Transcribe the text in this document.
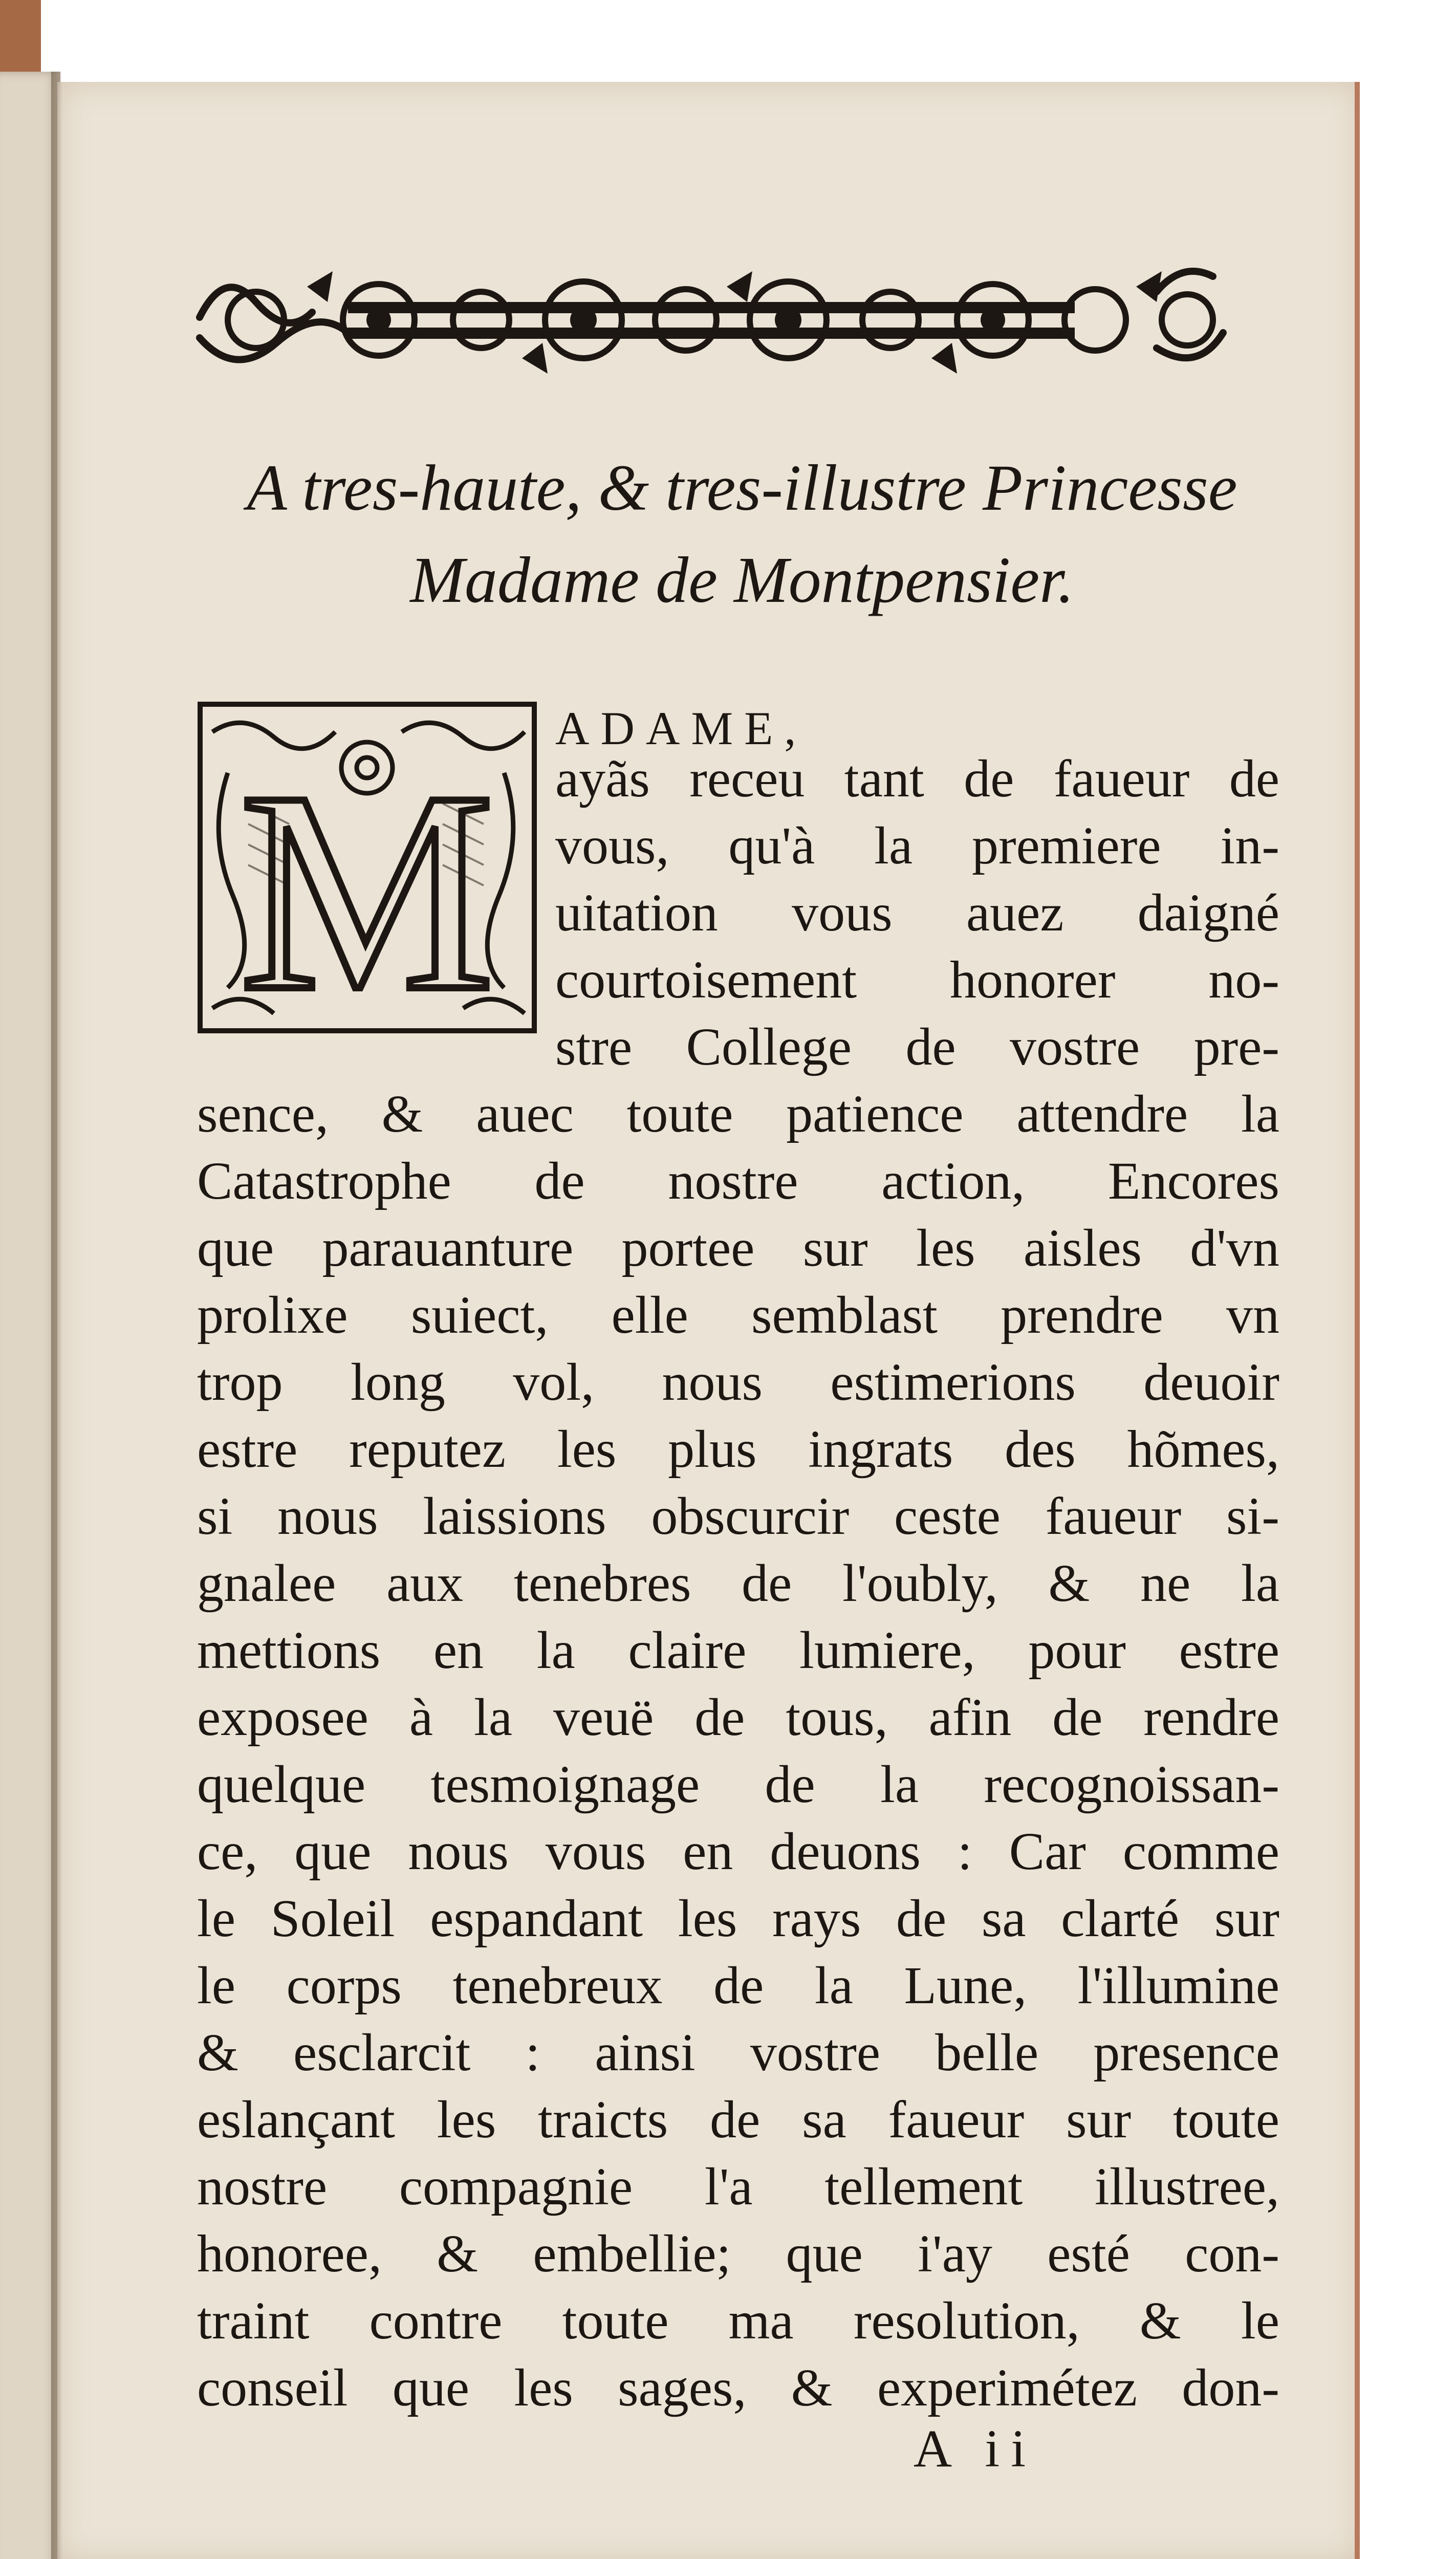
A tres-haute, & tres-illustre Princesse
Madame de Montpensier.
M
ADAME,
ayãs receu tant de faueur de
vous, qu'à la premiere in-
uitation vous auez daigné
courtoisement honorer no-
stre College de vostre pre-
sence, & auec toute patience attendre la
Catastrophe de nostre action, Encores
que parauanture portee sur les aisles d'vn
prolixe suiect, elle semblast prendre vn
trop long vol, nous estimerions deuoir
estre reputez les plus ingrats des hõmes,
si nous laissions obscurcir ceste faueur si-
gnalee aux tenebres de l'oubly, & ne la
mettions en la claire lumiere, pour estre
exposee à la veuë de tous, afin de rendre
quelque tesmoignage de la recognoissan-
ce, que nous vous en deuons : Car comme
le Soleil espandant les rays de sa clarté sur
le corps tenebreux de la Lune, l'illumine
& esclarcit : ainsi vostre belle presence
eslançant les traicts de sa faueur sur toute
nostre compagnie l'a tellement illustree,
honoree, & embellie; que i'ay esté con-
traint contre toute ma resolution, & le
conseil que les sages, & experimétez don-
A ii
